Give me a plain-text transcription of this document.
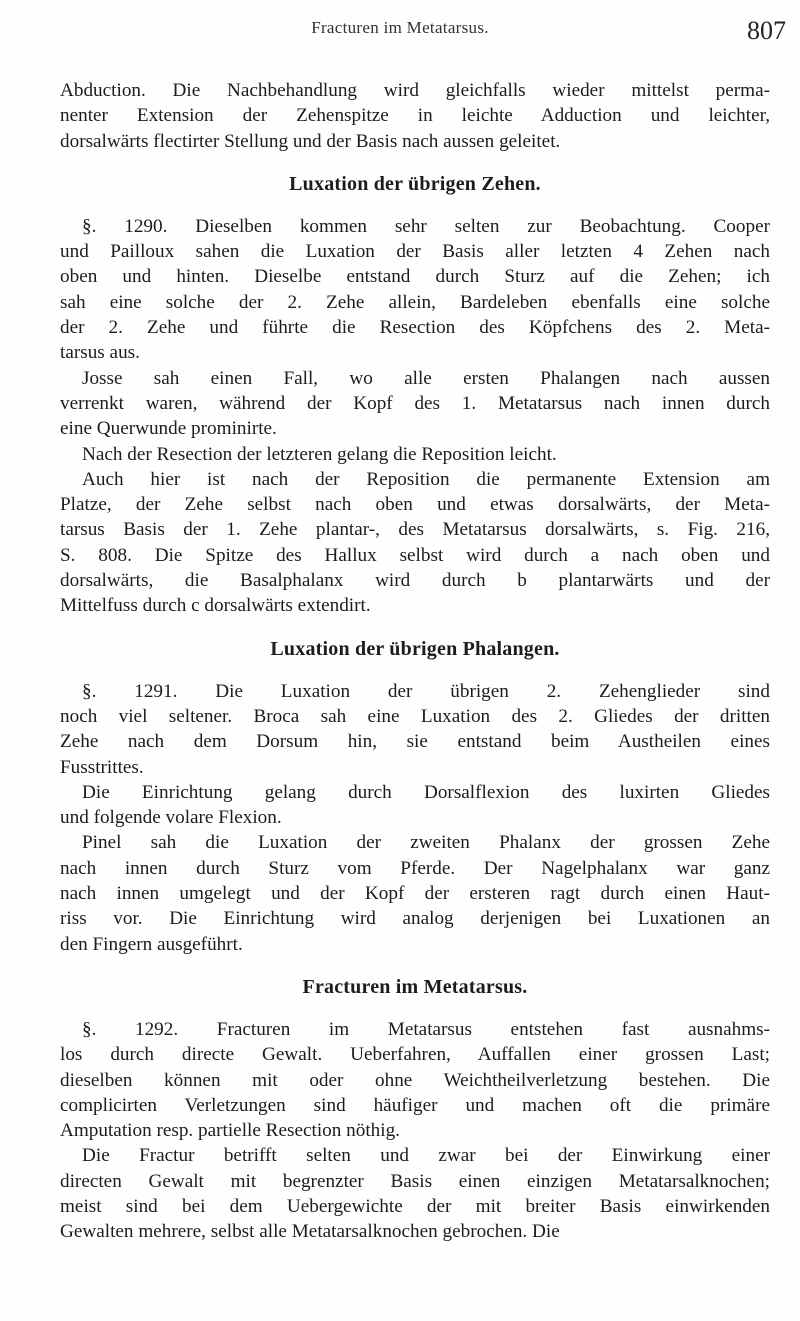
Fracturen im Metatarsus.	807
Abduction. Die Nachbehandlung wird gleichfalls wieder mittelst perma-
nenter Extension der Zehenspitze in leichte Adduction und leichter,
dorsalwärts flectirter Stellung und der Basis nach aussen geleitet.
Luxation der übrigen Zehen.
§. 1290. Dieselben kommen sehr selten zur Beobachtung. Cooper
und Pailloux sahen die Luxation der Basis aller letzten 4 Zehen nach
oben und hinten. Dieselbe entstand durch Sturz auf die Zehen; ich
sah eine solche der 2. Zehe allein, Bardeleben ebenfalls eine solche
der 2. Zehe und führte die Resection des Köpfchens des 2. Meta-
tarsus aus.
Josse sah einen Fall, wo alle ersten Phalangen nach aussen
verrenkt waren, während der Kopf des 1. Metatarsus nach innen durch
eine Querwunde prominirte.
Nach der Resection der letzteren gelang die Reposition leicht.
Auch hier ist nach der Reposition die permanente Extension am
Platze, der Zehe selbst nach oben und etwas dorsalwärts, der Meta-
tarsus Basis der 1. Zehe plantar-, des Metatarsus dorsalwärts, s. Fig. 216,
S. 808. Die Spitze des Hallux selbst wird durch a nach oben und
dorsalwärts, die Basalphalanx wird durch b plantarwärts und der
Mittelfuss durch c dorsalwärts extendirt.
Luxation der übrigen Phalangen.
§. 1291. Die Luxation der übrigen 2. Zehenglieder sind
noch viel seltener. Broca sah eine Luxation des 2. Gliedes der dritten
Zehe nach dem Dorsum hin, sie entstand beim Austheilen eines
Fusstrittes.
Die Einrichtung gelang durch Dorsalflexion des luxirten Gliedes
und folgende volare Flexion.
Pinel sah die Luxation der zweiten Phalanx der grossen Zehe
nach innen durch Sturz vom Pferde. Der Nagelphalanx war ganz
nach innen umgelegt und der Kopf der ersteren ragt durch einen Haut-
riss vor. Die Einrichtung wird analog derjenigen bei Luxationen an
den Fingern ausgeführt.
Fracturen im Metatarsus.
§. 1292. Fracturen im Metatarsus entstehen fast ausnahms-
los durch directe Gewalt. Ueberfahren, Auffallen einer grossen Last;
dieselben können mit oder ohne Weichtheilverletzung bestehen. Die
complicirten Verletzungen sind häufiger und machen oft die primäre
Amputation resp. partielle Resection nöthig.
Die Fractur betrifft selten und zwar bei der Einwirkung einer
directen Gewalt mit begrenzter Basis einen einzigen Metatarsalknochen;
meist sind bei dem Uebergewichte der mit breiter Basis einwirkenden
Gewalten mehrere, selbst alle Metatarsalknochen gebrochen. Die
